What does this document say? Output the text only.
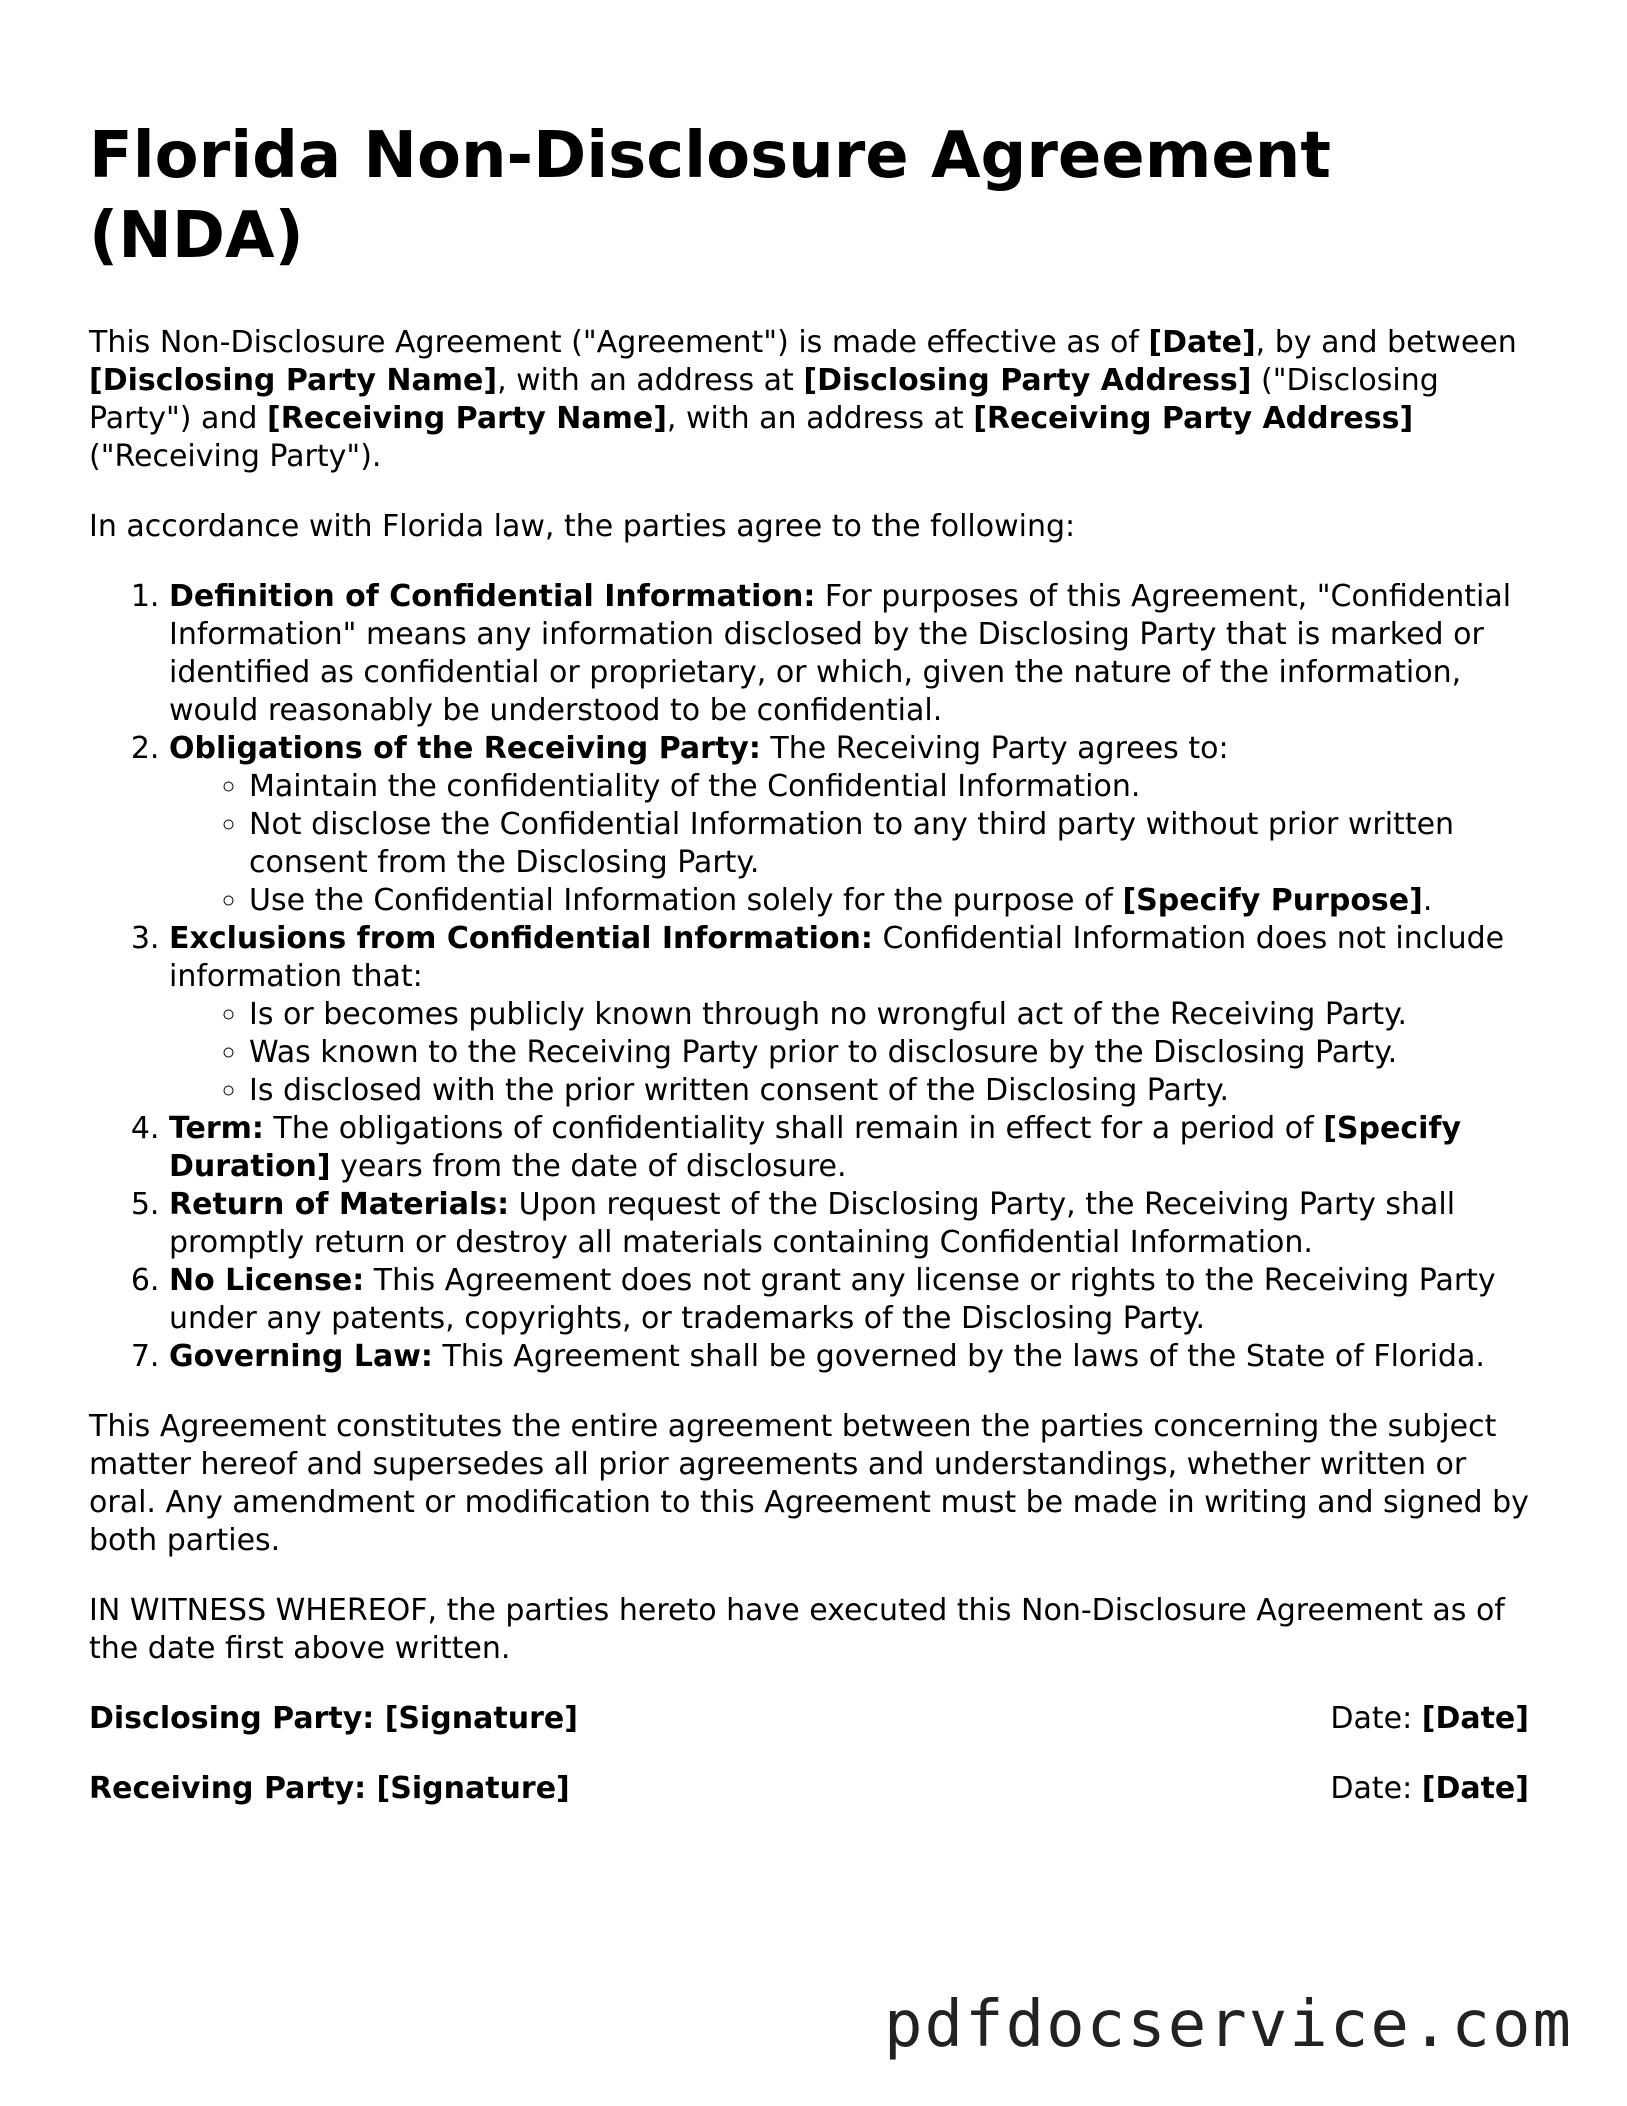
Florida Non-Disclosure Agreement (NDA)

This Non-Disclosure Agreement ("Agreement") is made effective as of [Date], by and between [Disclosing Party Name], with an address at [Disclosing Party Address] ("Disclosing Party") and [Receiving Party Name], with an address at [Receiving Party Address] ("Receiving Party").

In accordance with Florida law, the parties agree to the following:

1. Definition of Confidential Information: For purposes of this Agreement, "Confidential Information" means any information disclosed by the Disclosing Party that is marked or identified as confidential or proprietary, or which, given the nature of the information, would reasonably be understood to be confidential.
2. Obligations of the Receiving Party: The Receiving Party agrees to:
◦ Maintain the confidentiality of the Confidential Information.
◦ Not disclose the Confidential Information to any third party without prior written consent from the Disclosing Party.
◦ Use the Confidential Information solely for the purpose of [Specify Purpose].
3. Exclusions from Confidential Information: Confidential Information does not include information that:
◦ Is or becomes publicly known through no wrongful act of the Receiving Party.
◦ Was known to the Receiving Party prior to disclosure by the Disclosing Party.
◦ Is disclosed with the prior written consent of the Disclosing Party.
4. Term: The obligations of confidentiality shall remain in effect for a period of [Specify Duration] years from the date of disclosure.
5. Return of Materials: Upon request of the Disclosing Party, the Receiving Party shall promptly return or destroy all materials containing Confidential Information.
6. No License: This Agreement does not grant any license or rights to the Receiving Party under any patents, copyrights, or trademarks of the Disclosing Party.
7. Governing Law: This Agreement shall be governed by the laws of the State of Florida.

This Agreement constitutes the entire agreement between the parties concerning the subject matter hereof and supersedes all prior agreements and understandings, whether written or oral. Any amendment or modification to this Agreement must be made in writing and signed by both parties.

IN WITNESS WHEREOF, the parties hereto have executed this Non-Disclosure Agreement as of the date first above written.

Disclosing Party: [Signature]	Date: [Date]
Receiving Party: [Signature]	Date: [Date]
pdfdocservice.com
